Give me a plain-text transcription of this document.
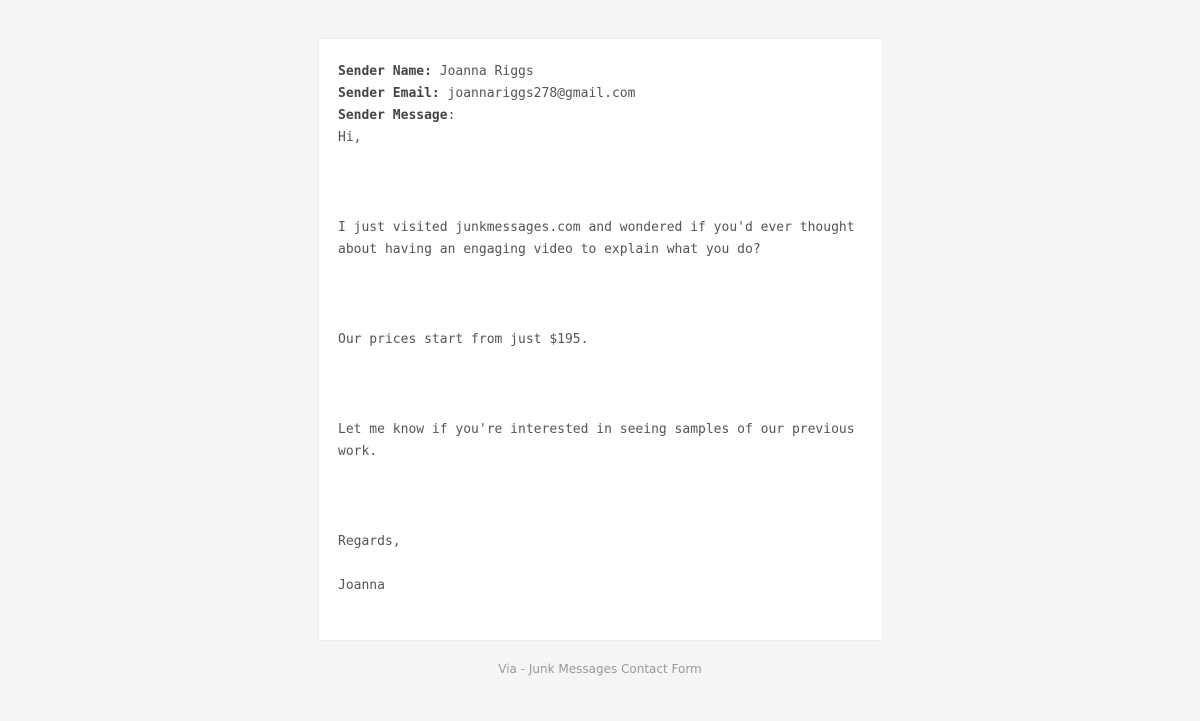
Sender Name: Joanna Riggs
Sender Email: joannariggs278@gmail.com
Sender Message:
Hi,
I just visited junkmessages.com and wondered if you'd ever thought about having an engaging video to explain what you do?
Our prices start from just $195.
Let me know if you're interested in seeing samples of our previous work.
Regards,
Joanna
Via - Junk Messages Contact Form
